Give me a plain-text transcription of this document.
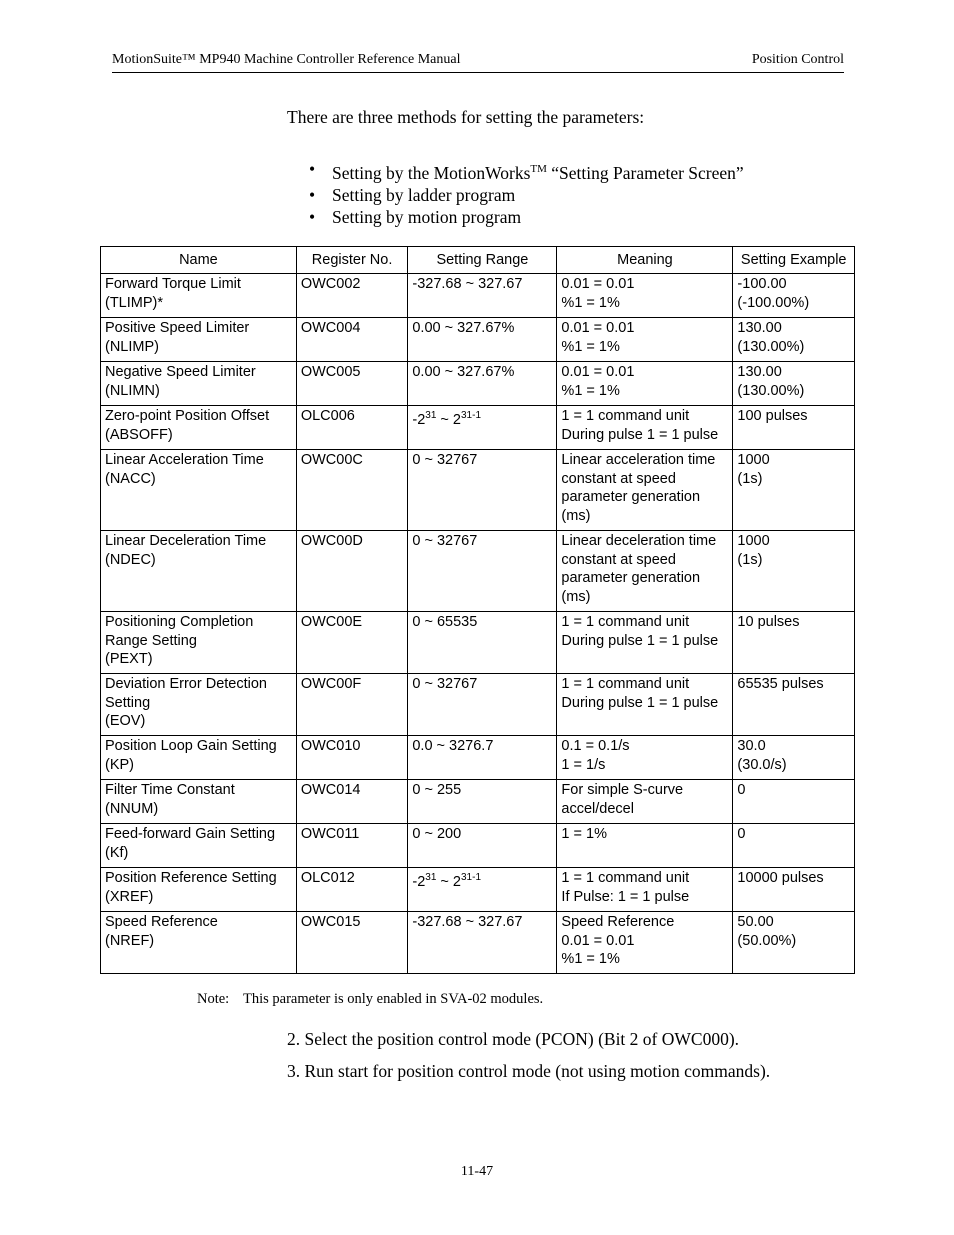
MotionSuite™ MP940 Machine Controller Reference Manual	Position Control
There are three methods for setting the parameters:
• Setting by the MotionWorks™ “Setting Parameter Screen”
• Setting by ladder program
• Setting by motion program
Name	Register No.	Setting Range	Meaning	Setting Example

Forward Torque Limit
(TLIMP)*	OWC002	-327.68 ~ 327.67	0.01 = 0.01
%1 = 1%	-100.00
(-100.00%)

Positive Speed Limiter
(NLIMP)	OWC004	0.00 ~ 327.67%	0.01 = 0.01
%1 = 1%	130.00
(130.00%)

Negative Speed Limiter
(NLIMN)	OWC005	0.00 ~ 327.67%	0.01 = 0.01
%1 = 1%	130.00
(130.00%)

Zero-point Position Offset
(ABSOFF)	OLC006	$-2^{31}$ ~ 2$^{31-1}$	1 = 1 command unit
During pulse 1 = 1 pulse	100 pulses

Linear Acceleration Time
(NACC)	OWC00C	0 ~ 32767	Linear acceleration time
constant at speed
parameter generation
(ms)	1000
(1s)

Linear Deceleration Time
(NDEC)	OWC00D	0 ~ 32767	Linear deceleration time
constant at speed
parameter generation
(ms)	1000
(1s)

Positioning Completion
Range Setting
(PEXT)	OWC00E	0 ~ 65535	1 = 1 command unit
During pulse 1 = 1 pulse	10 pulses

Deviation Error Detection
Setting
(EOV)	OWC00F	0 ~ 32767	1 = 1 command unit
During pulse 1 = 1 pulse	65535 pulses

Position Loop Gain Setting
(KP)	OWC010	0.0 ~ 3276.7	0.1 = 0.1/s
1 = 1/s	30.0
(30.0/s)

Filter Time Constant
(NNUM)	OWC014	0 ~ 255	For simple S-curve
accel/decel	0

Feed-forward Gain Setting
(Kf)	OWC011	0 ~ 200	1 = 1%	0

Position Reference Setting
(XREF)	OLC012	$-2^{31}$ ~ 2$^{31-1}$	1 = 1 command unit
If Pulse: 1 = 1 pulse	10000 pulses

Speed Reference
(NREF)	OWC015	-327.68 ~ 327.67	Speed Reference
0.01 = 0.01
%1 = 1%	50.00
(50.00%)
Note: This parameter is only enabled in SVA-02 modules.
2. Select the position control mode (PCON) (Bit 2 of OWC000).
3. Run start for position control mode (not using motion commands).
11-47
